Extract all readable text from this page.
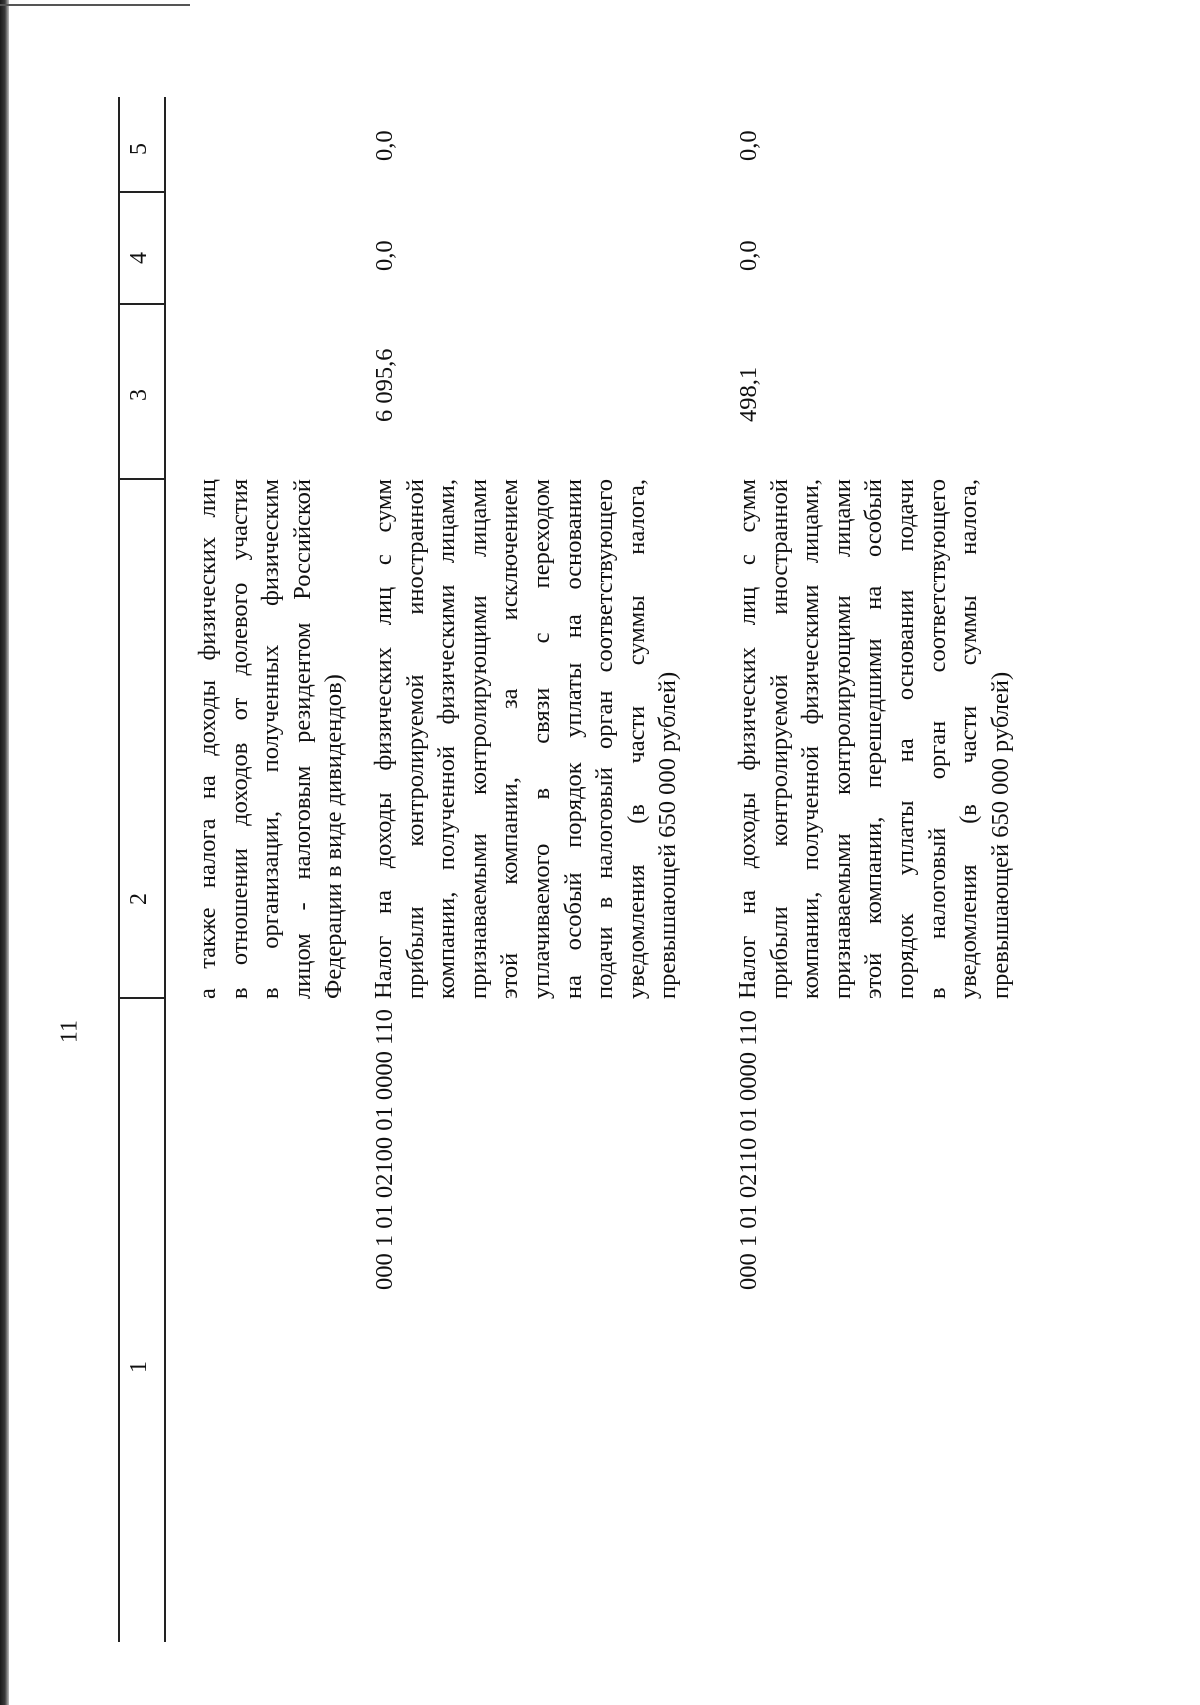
11
1
2
3
4
5
а также налога на доходы физических лиц в отношении доходов от долевого участия в организации, полученных физическим лицом - налоговым резидентом Российской Федерации в виде дивидендов)
000 1 01 02100 01 0000 110
Налог на доходы физических лиц с сумм прибыли контролируемой иностранной компании, полученной физическими лицами, признаваемыми контролирующими лицами этой компании, за исключением уплачиваемого в связи с переходом на особый порядок уплаты на основании подачи в налоговый орган соответствующего уведомления (в части суммы налога, превышающей 650 000 рублей)
6 095,6
0,0
0,0
000 1 01 02110 01 0000 110
Налог на доходы физических лиц с сумм прибыли контролируемой иностранной компании, полученной физическими лицами, признаваемыми контролирующими лицами этой компании, перешедшими на особый порядок уплаты на основании подачи в налоговый орган соответствующего уведомления (в части суммы налога, превышающей 650 000 рублей)
498,1
0,0
0,0
